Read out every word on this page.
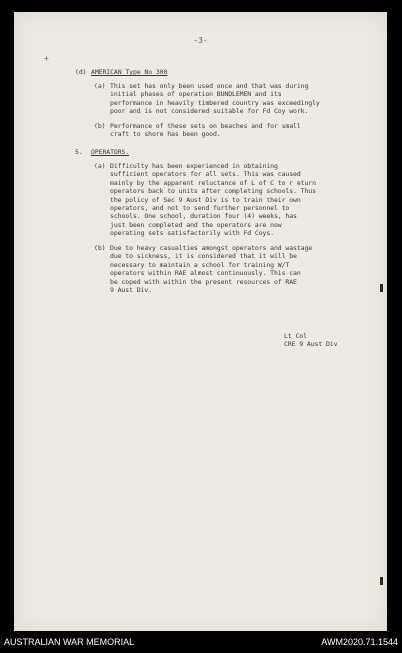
-3-
+
(d) AMERICAN Type No 300
(a) This set has only been used once and that was during
initial phases of operation BUNDLEMEN and its
performance in heavily timbered country was exceedingly
poor and is not considered suitable for Fd Coy work.
(b) Performance of these sets on beaches and for small
craft to shore has been good.
5. OPERATORS.
(a) Difficulty has been experienced in obtaining
sufficient operators for all sets. This was caused
mainly by the apparent reluctance of L of C to r eturn
operators back to units after completing schools. Thus
the policy of Sec 9 Aust Div is to train their own
operators, and not to send further personnel to
schools. One school, duration four (4) weeks, has
just been completed and the operators are now
operating sets satisfactorily with Fd Coys.
(b) Due to heavy casualties amongst operators and wastage
due to sickness, it is considered that it will be
necessary to maintain a school for training W/T
operators within RAE almost continuously. This can
be coped with within the present resources of RAE
9 Aust Div.
Lt Col
CRE 9 Aust Div
AUSTRALIAN WAR MEMORIAL	AWM2020.71.1544
